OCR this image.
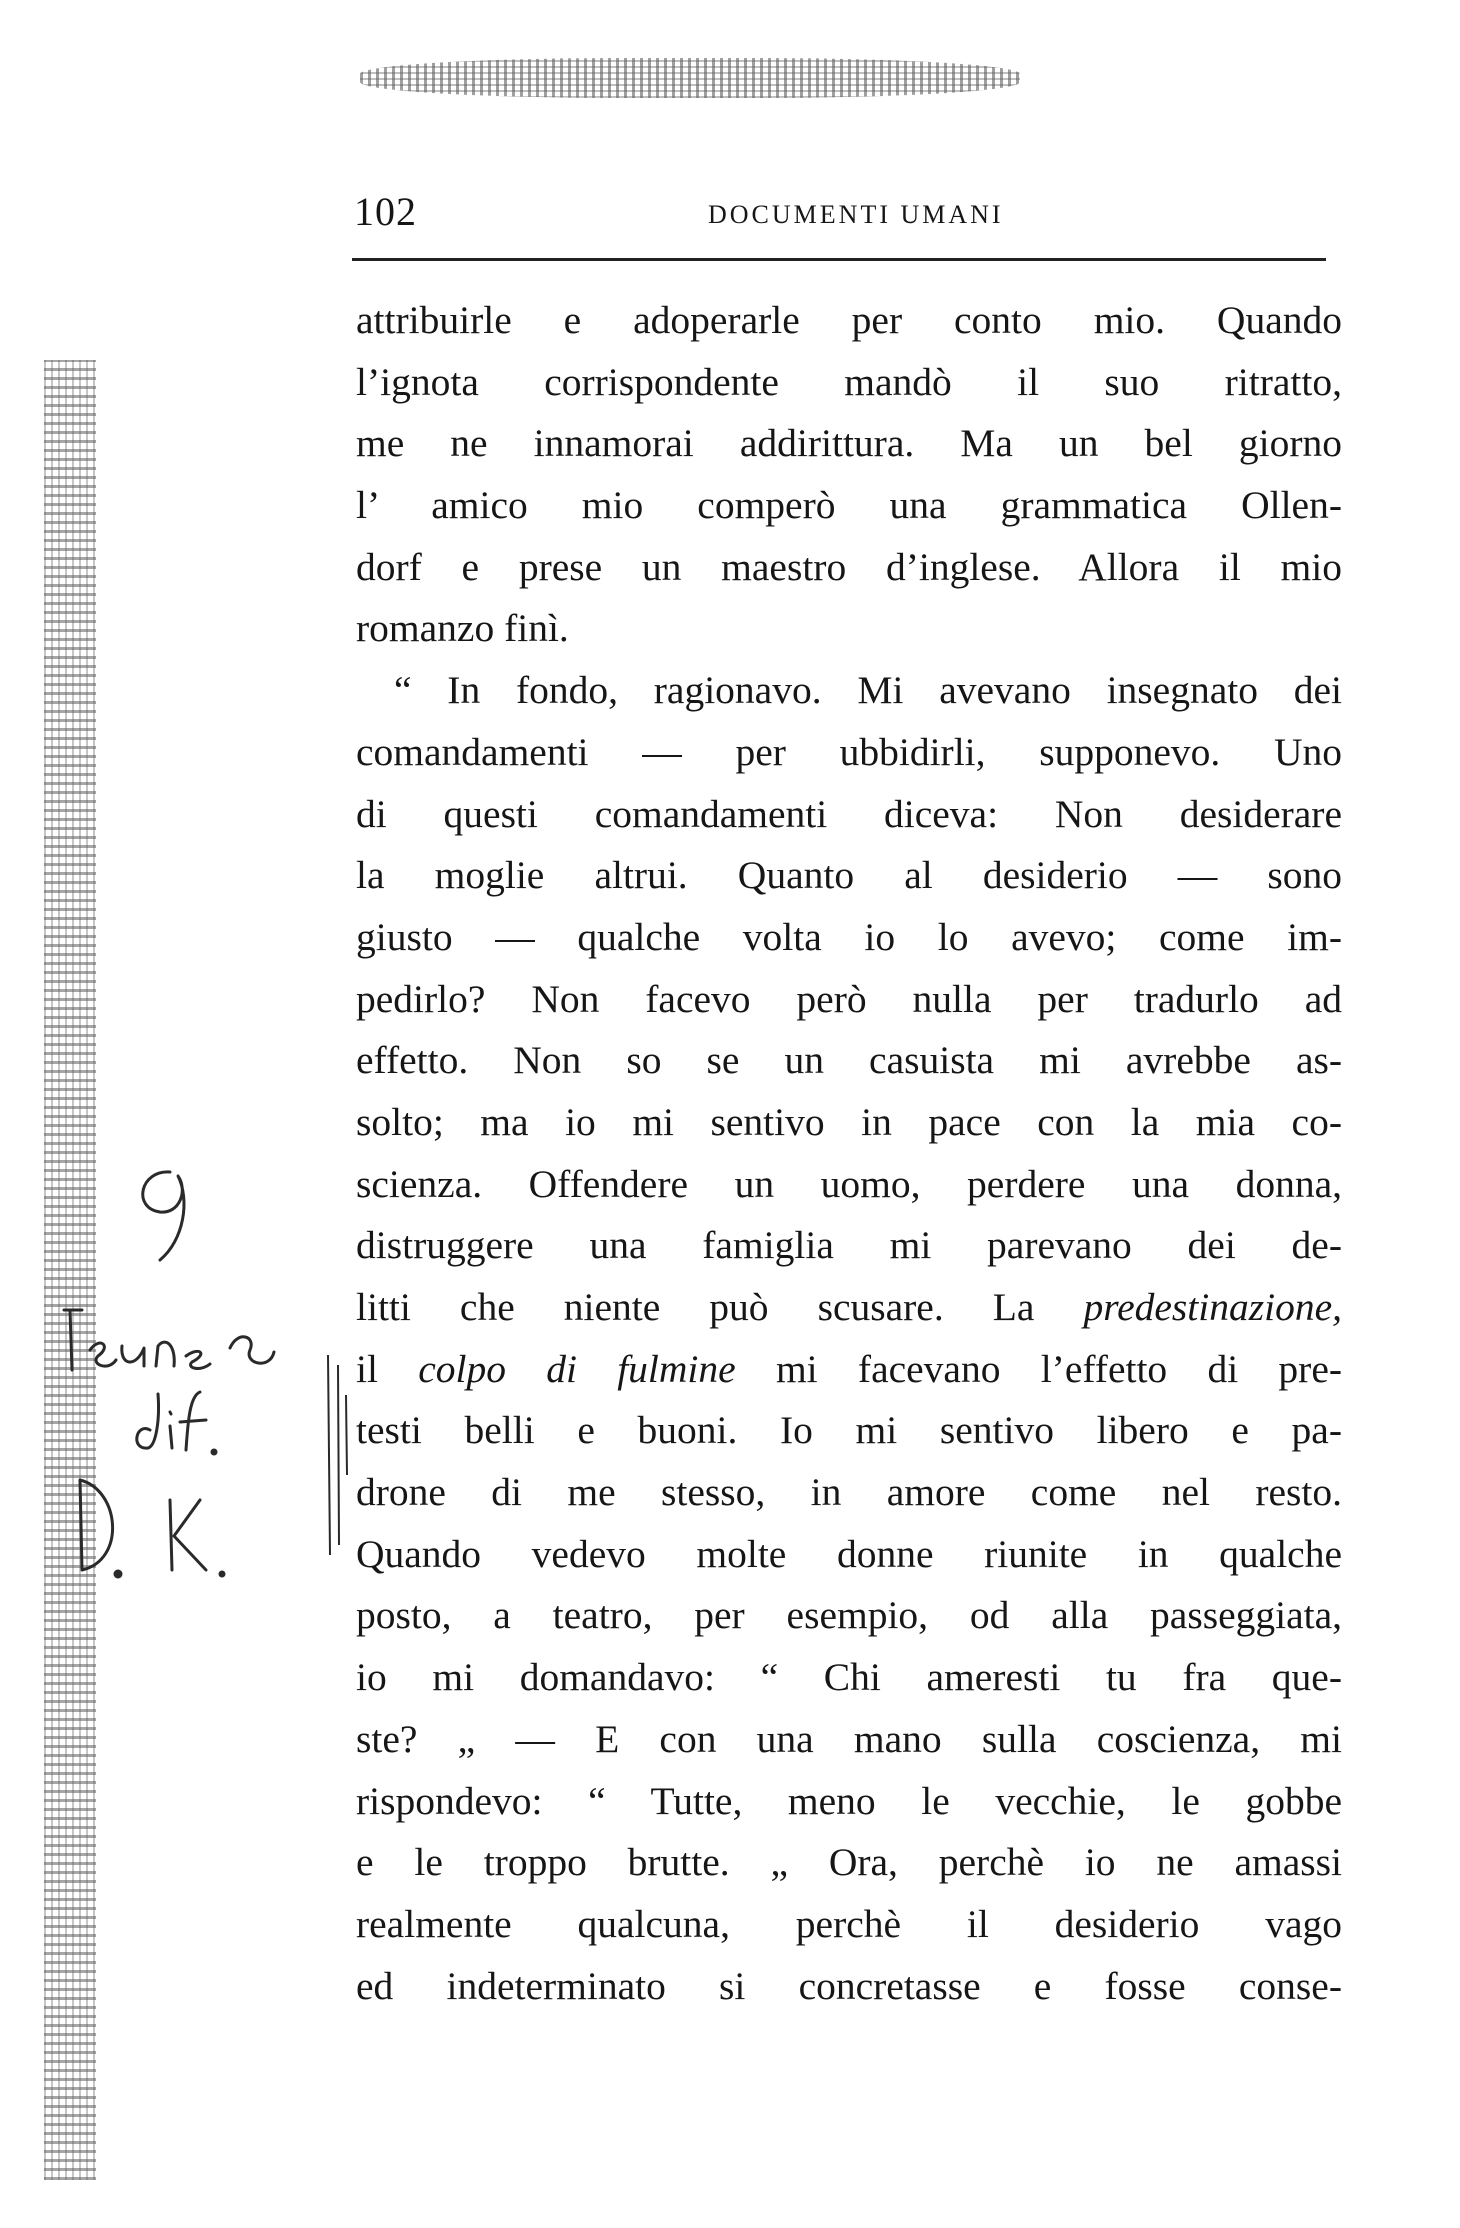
102	DOCUMENTI UMANI
attribuirle e adoperarle per conto mio. Quando
l’ignota corrispondente mandò il suo ritratto,
me ne innamorai addirittura. Ma un bel giorno
l’ amico mio comperò una grammatica Ollen-
dorf e prese un maestro d’inglese. Allora il mio
romanzo finì.
“ In fondo, ragionavo. Mi avevano insegnato dei
comandamenti — per ubbidirli, supponevo. Uno
di questi comandamenti diceva: Non desiderare
la moglie altrui. Quanto al desiderio — sono
giusto — qualche volta io lo avevo; come im-
pedirlo? Non facevo però nulla per tradurlo ad
effetto. Non so se un casuista mi avrebbe as-
solto; ma io mi sentivo in pace con la mia co-
scienza. Offendere un uomo, perdere una donna,
distruggere una famiglia mi parevano dei de-
litti che niente può scusare. La predestinazione,
il colpo di fulmine mi facevano l’effetto di pre-
testi belli e buoni. Io mi sentivo libero e pa-
drone di me stesso, in amore come nel resto.
Quando vedevo molte donne riunite in qualche
posto, a teatro, per esempio, od alla passeggiata,
io mi domandavo: “ Chi ameresti tu fra que-
ste? „ — E con una mano sulla coscienza, mi
rispondevo: “ Tutte, meno le vecchie, le gobbe
e le troppo brutte. „ Ora, perchè io ne amassi
realmente qualcuna, perchè il desiderio vago
ed indeterminato si concretasse e fosse conse-
